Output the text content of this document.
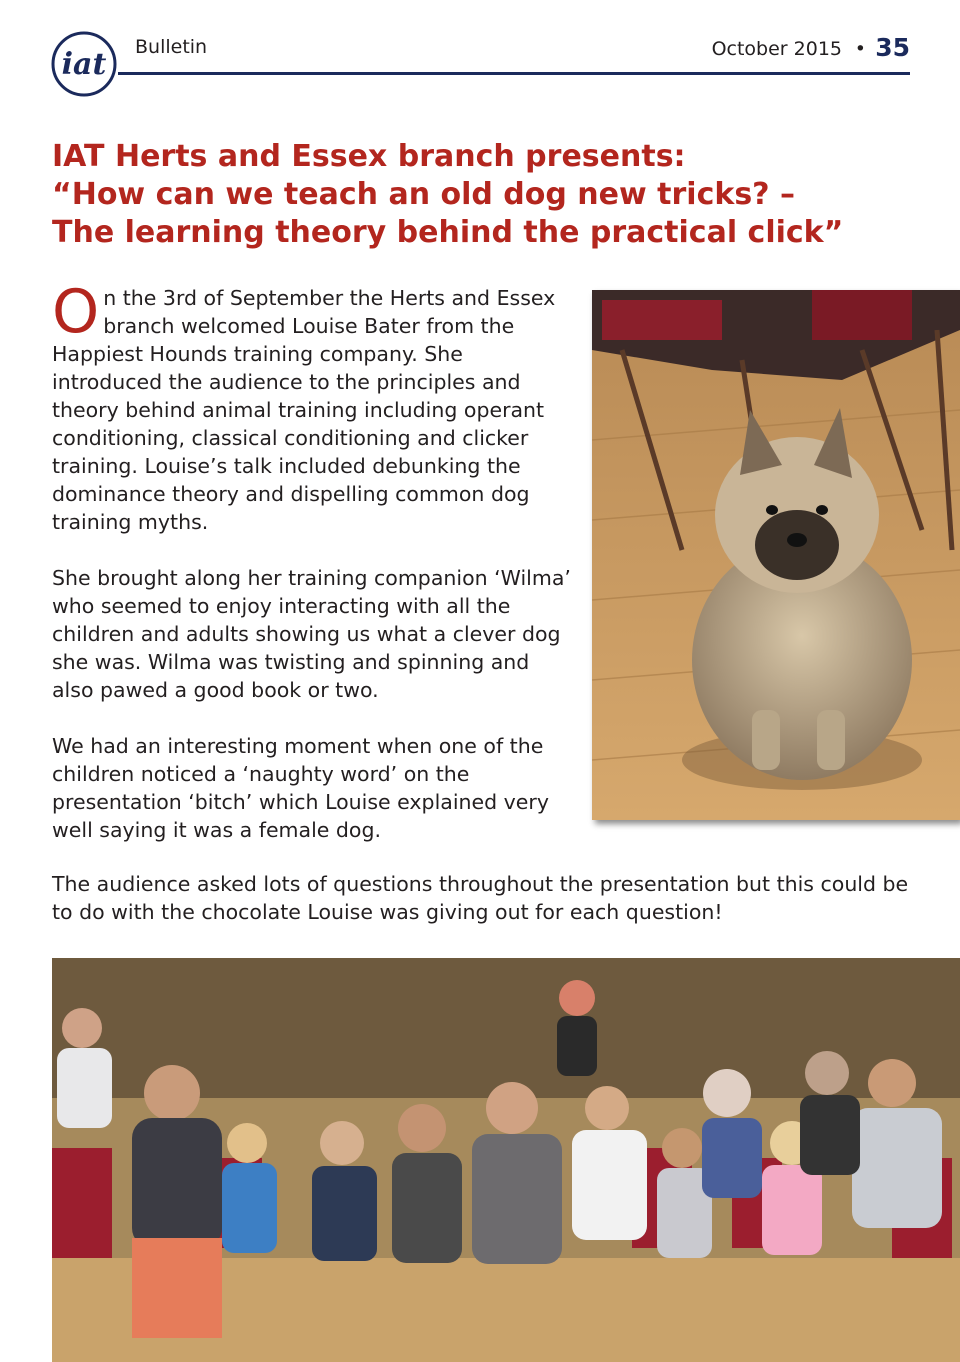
iat Bulletin	October 2015 • 35
IAT Herts and Essex branch presents:
“How can we teach an old dog new tricks? –
The learning theory behind the practical click”

On the 3rd of September the Herts and Essex branch welcomed Louise Bater from the Happiest Hounds training company. She introduced the audience to the principles and theory behind animal training including operant conditioning, classical conditioning and clicker training. Louise’s talk included debunking the dominance theory and dispelling common dog training myths.

She brought along her training companion ‘Wilma’ who seemed to enjoy interacting with all the children and adults showing us what a clever dog she was. Wilma was twisting and spinning and also pawed a good book or two.

We had an interesting moment when one of the children noticed a ‘naughty word’ on the presentation ‘bitch’ which Louise explained very well saying it was a female dog.

The audience asked lots of questions throughout the presentation but this could be to do with the chocolate Louise was giving out for each question!
